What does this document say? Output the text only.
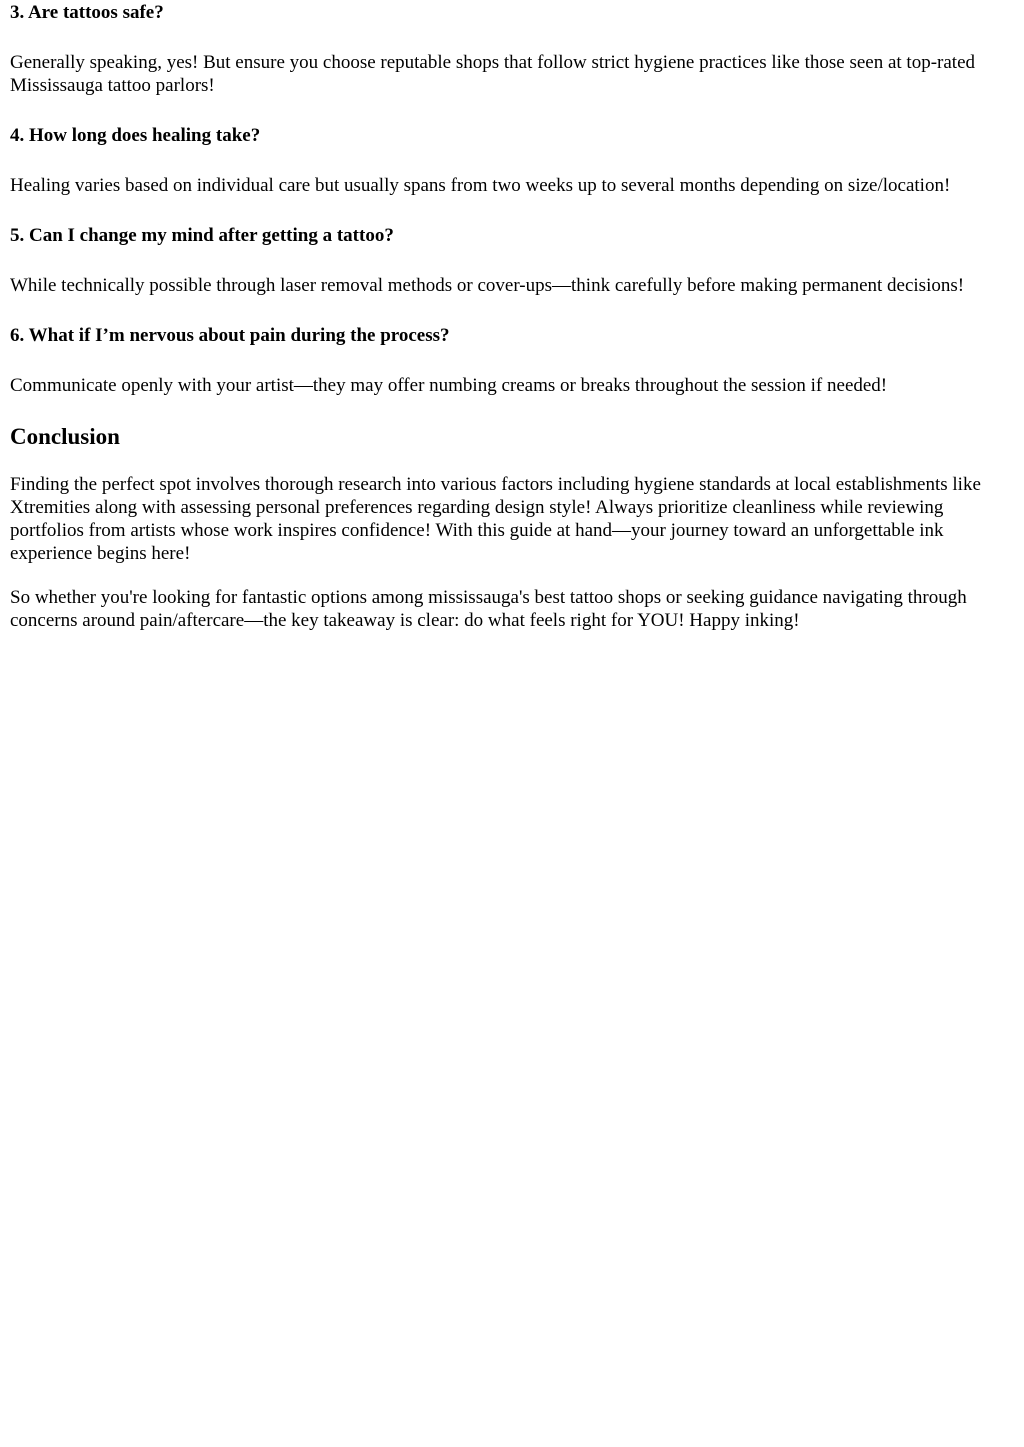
3. Are tattoos safe?

Generally speaking, yes! But ensure you choose reputable shops that follow strict hygiene practices like those seen at top-rated Mississauga tattoo parlors!

4. How long does healing take?

Healing varies based on individual care but usually spans from two weeks up to several months depending on size/location!

5. Can I change my mind after getting a tattoo?

While technically possible through laser removal methods or cover-ups—think carefully before making permanent decisions!

6. What if I’m nervous about pain during the process?

Communicate openly with your artist—they may offer numbing creams or breaks throughout the session if needed!

Conclusion

Finding the perfect spot involves thorough research into various factors including hygiene standards at local establishments like Xtremities along with assessing personal preferences regarding design style! Always prioritize cleanliness while reviewing portfolios from artists whose work inspires confidence! With this guide at hand—your journey toward an unforgettable ink experience begins here!

So whether you're looking for fantastic options among mississauga's best tattoo shops or seeking guidance navigating through concerns around pain/aftercare—the key takeaway is clear: do what feels right for YOU! Happy inking!
